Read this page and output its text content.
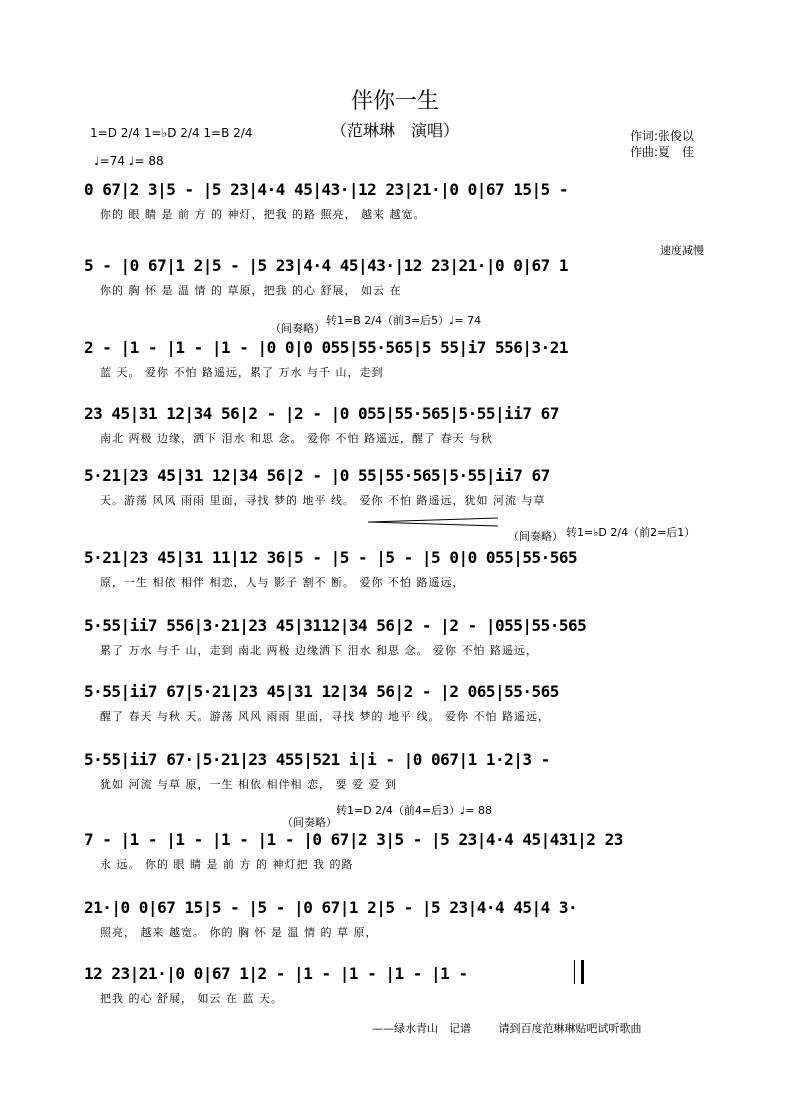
伴你一生
（范琳琳　演唱）
1=D 2/4 1=♭D 2/4 1=B 2/4
♩=74 ♩= 88
作词:张俊以
作曲:夏　佳
速度减慢
（间奏略）
转1=B 2/4（前3=后5）♩= 74
（间奏略） 转1=♭D 2/4（前2=后1）
（间奏略）
转1=D 2/4（前4=后3）♩= 88
0 67|2 3|5 - |5 23|4·4 45|43·|12 23|21·|0 0|67 15|5 -
你的 眼 睛 是 前 方 的 神灯，把我 的路 照亮， 越来 越宽。
5 - |0 67|1 2|5 - |5 23|4·4 45|43·|12 23|21·|0 0|67 1
你的 胸 怀 是 温 情 的 草原，把我 的心 舒展， 如云 在
2 - |1 - |1 - |1 - |0 0|0 055|55·565|5 55|i7 556|3·21
蓝 天。 爱你 不怕 路遥远，累了 万水 与千 山，走到
23 45|31 12|34 56|2 - |2 - |0 055|55·565|5·55|ii7 67
南北 两极 边缘，洒下 泪水 和思 念。 爱你 不怕 路遥远，醒了 春天 与秋
5·21|23 45|31 12|34 56|2 - |0 55|55·565|5·55|ii7 67
天。游荡 风风 雨雨 里面，寻找 梦的 地平 线。 爱你 不怕 路遥远，犹如 河流 与草
5·21|23 45|31 11|12 36|5 - |5 - |5 - |5 0|0 055|55·565
原，一生 相依 相伴 相恋，人与 影子 割不 断。 爱你 不怕 路遥远，
5·55|ii7 556|3·21|23 45|3112|34 56|2 - |2 - |055|55·565
累了 万水 与千 山，走到 南北 两极 边缘洒下 泪水 和思 念。 爱你 不怕 路遥远，
5·55|ii7 67|5·21|23 45|31 12|34 56|2 - |2 065|55·565
醒了 春天 与秋 天。游荡 风风 雨雨 里面，寻找 梦的 地平 线。 爱你 不怕 路遥远，
5·55|ii7 67·|5·21|23 455|521 i|i - |0 067|1 1·2|3 -
犹如 河流 与草 原，一生 相依 相伴相 恋， 要 爱 爱 到
7 - |1 - |1 - |1 - |1 - |0 67|2 3|5 - |5 23|4·4 45|431|2 23
永 远。 你的 眼 睛 是 前 方 的 神灯把 我 的路
21·|0 0|67 15|5 - |5 - |0 67|1 2|5 - |5 23|4·4 45|4 3·
照亮， 越来 越宽。 你的 胸 怀 是 温 情 的 草 原，
12 23|21·|0 0|67 1|2 - |1 - |1 - |1 - |1 -
把我 的心 舒展， 如云 在 蓝 天。
——绿水青山　记谱	请到百度范琳琳贴吧试听歌曲
